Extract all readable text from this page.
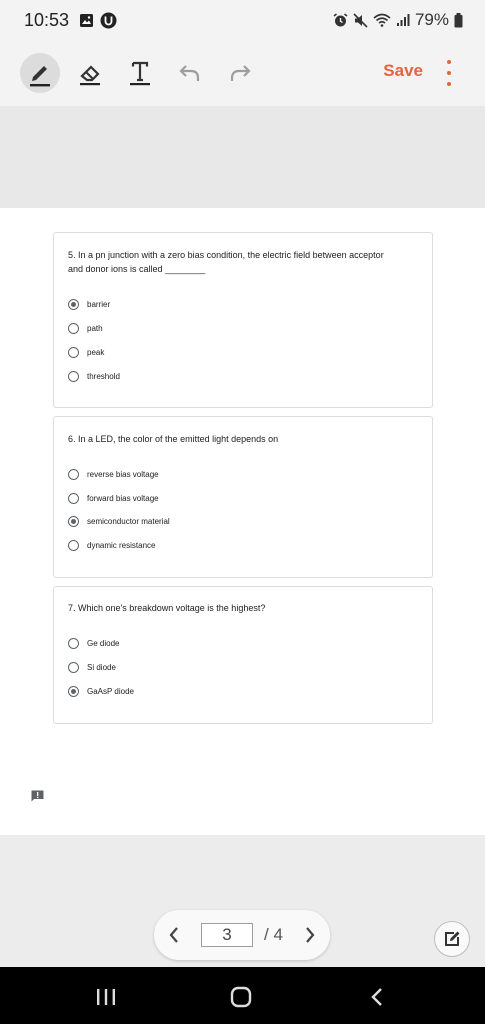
10:53	79%
Save
5. In a pn junction with a zero bias condition, the electric field between acceptor
and donor ions is called ________
barrier
path
peak
threshold
6. In a LED, the color of the emitted light depends on
reverse bias voltage
forward bias voltage
semiconductor material
dynamic resistance
7. Which one's breakdown voltage is the highest?
Ge diode
Si diode
GaAsP diode
3	/ 4
